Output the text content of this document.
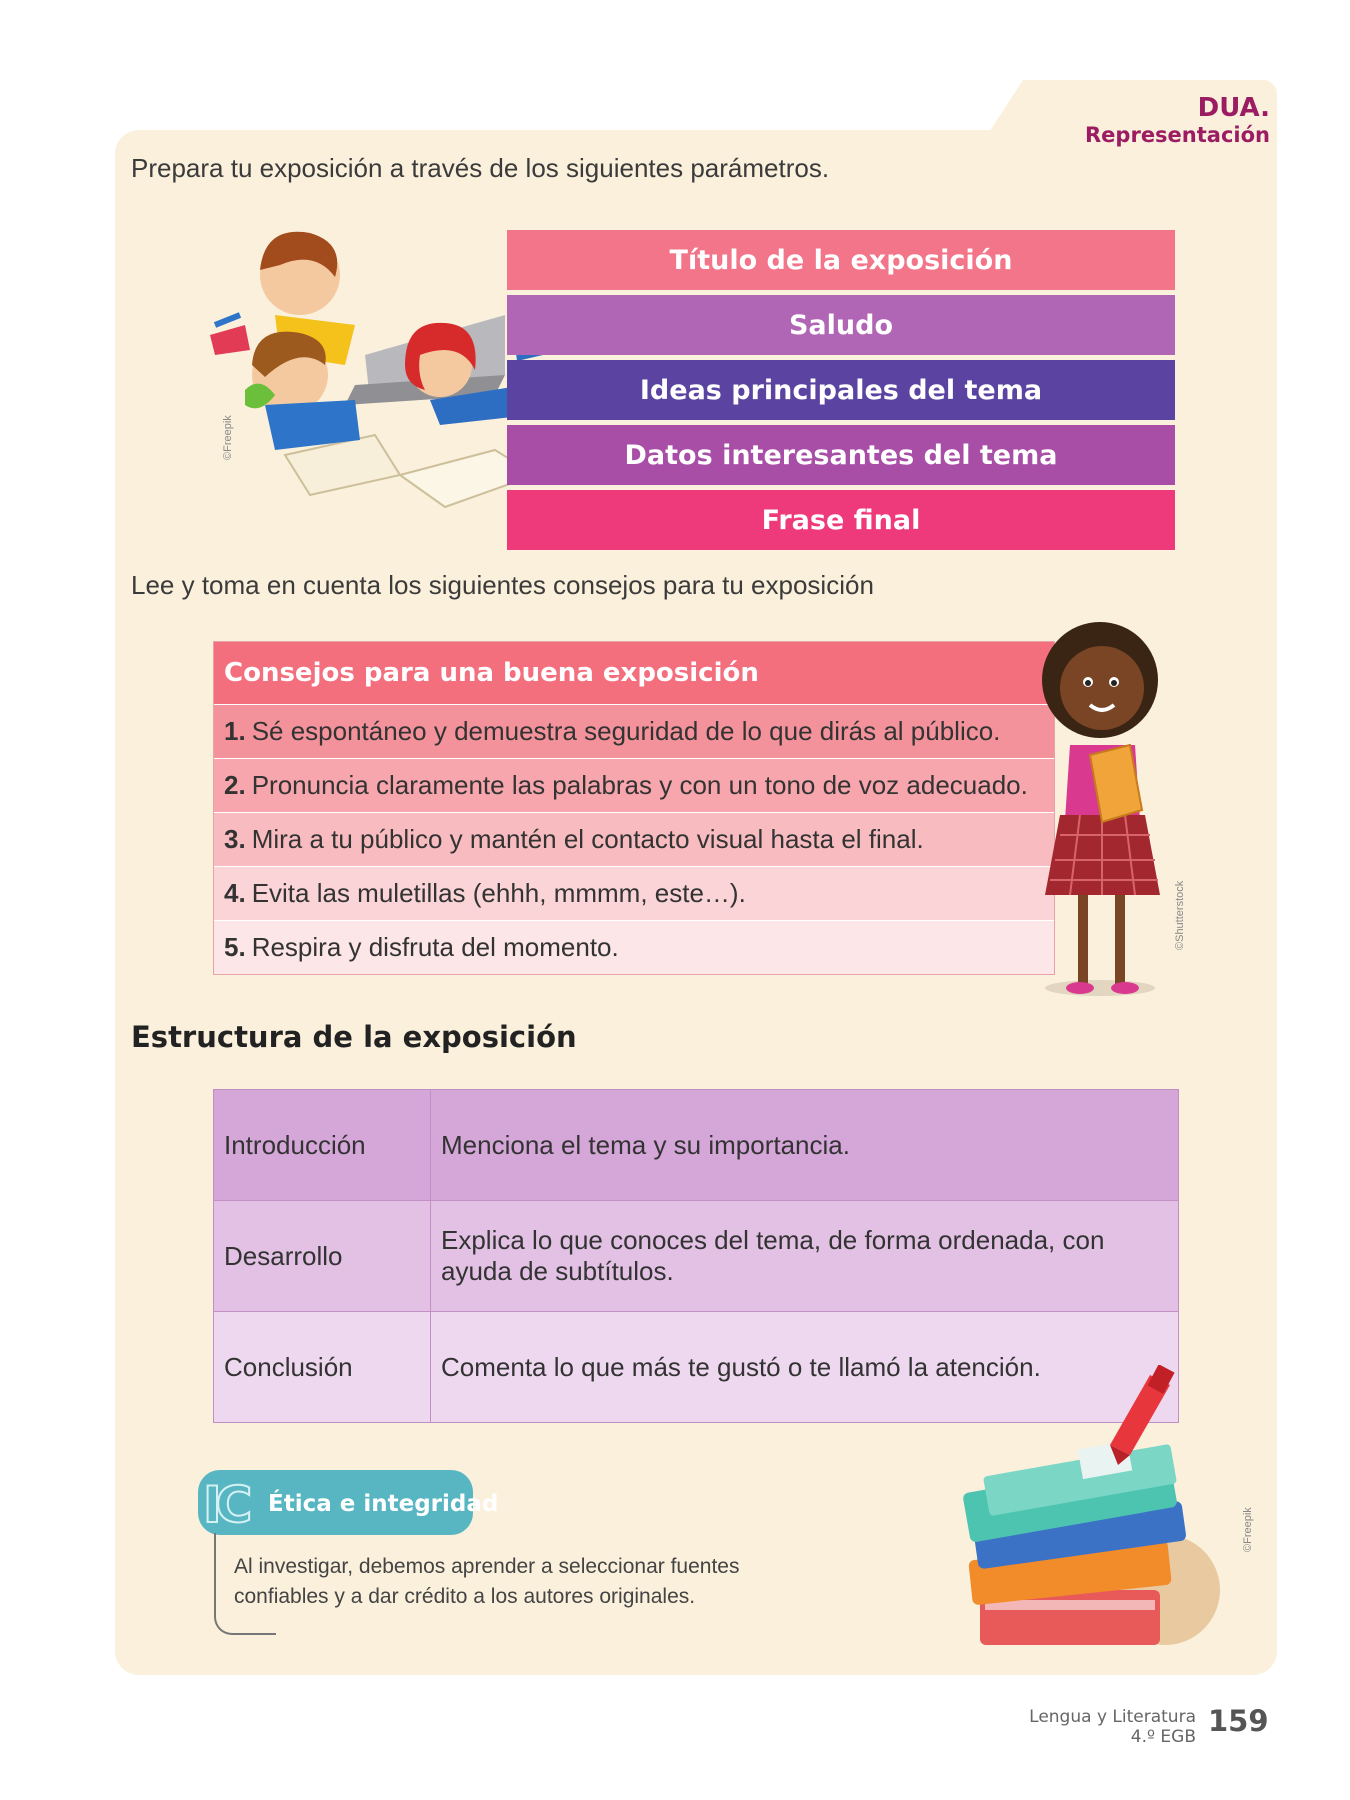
DUA. Representación
Prepara tu exposición a través de los siguientes parámetros.
©Freepik
Título de la exposición
Saludo
Ideas principales del tema
Datos interesantes del tema
Frase final
Lee y toma en cuenta los siguientes consejos para tu exposición
Consejos para una buena exposición
1. Sé espontáneo y demuestra seguridad de lo que dirás al público.
2. Pronuncia claramente las palabras y con un tono de voz adecuado.
3. Mira a tu público y mantén el contacto visual hasta el final.
4. Evita las muletillas (ehhh, mmmm, este…).
5. Respira y disfruta del momento.	©Shutterstock
Estructura de la exposición
Introducción	Menciona el tema y su importancia.
Desarrollo	Explica lo que conoces del tema, de forma ordenada, con ayuda de subtítulos.
Conclusión	Comenta lo que más te gustó o te llamó la atención.
©Freepik
IC Ética e integridad
Al investigar, debemos aprender a seleccionar fuentes confiables y a dar crédito a los autores originales.
Lengua y Literatura
4.º EGB 159
